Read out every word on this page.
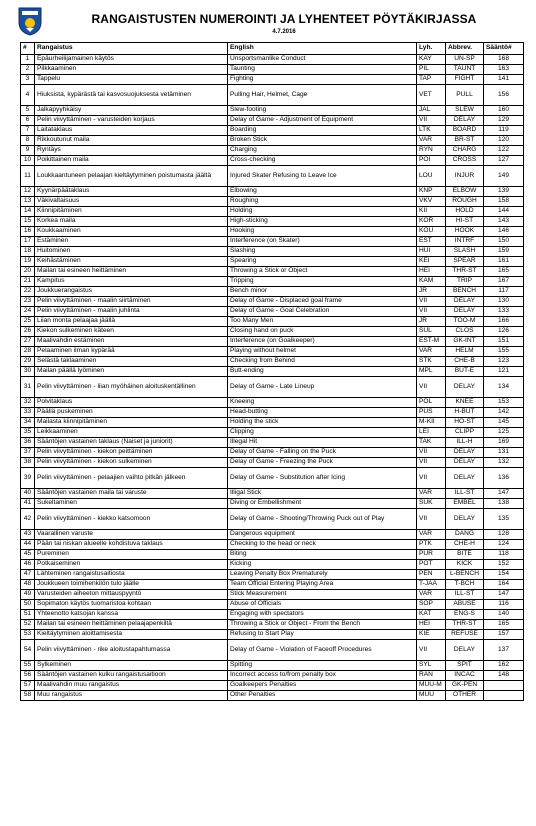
RANGAISTUSTEN NUMEROINTI JA LYHENTEET PÖYTÄKIRJASSA
4.7.2016
#	Rangaistus	English	Lyh.	Abbrev.	Sääntö#
1	Epäurheilijamainen käytös	Unsportsmanlike Conduct	KAY	UN-SP	168
2	Pilkkaaminen	Taunting	PIL	TAUNT	163
3	Tappelu	Fighting	TAP	FIGHT	141
4	Hiuksista, kypärästä tai kasvosuojuksesta vetäminen	Pulling Hair, Helmet, Cage	VET	PULL	156
5	Jalkapyyhkäisy	Slew-footing	JAL	SLEW	160
6	Pelin viivyttäminen - varusteiden korjaus	Delay of Game - Adjustment of Equipment	VII	DELAY	129
7	Laitataklaus	Boarding	LTK	BOARD	119
8	Rikkoutunut maila	Broken Stick	VAR	BR-ST	120
9	Ryntäys	Charging	RYN	CHARG	122
10	Poikittainen maila	Cross-checking	POI	CROSS	127
11	Loukkaantuneen pelaajan kieltäytyminen poistumasta jäältä	Injured Skater Refusing to Leave Ice	LOU	INJUR	149
12	Kyynärpäätaklaus	Elbowing	KNP	ELBOW	139
13	Väkivaltaisuus	Roughing	VKV	ROUGH	158
14	Kiinnipitäminen	Holding	KII	HOLD	144
15	Korkea maila	High-sticking	KOR	HI-ST	143
16	Koukkaaminen	Hooking	KOU	HOOK	146
17	Estäminen	Interference (on Skater)	EST	INTRF	150
18	Huitominen	Slashing	HUI	SLASH	159
19	Keihästäminen	Spearing	KEI	SPEAR	161
20	Mailan tai esineen heittäminen	Throwing a Stick or Object	HEI	THR-ST	165
21	Kampitus	Tripping	KAM	TRIP	167
22	Joukkuerangaistus	Bench minor	JR	BENCH	117
23	Pelin viivyttäminen - maalin siirtäminen	Delay of Game - Displaced goal frame	VII	DELAY	130
24	Pelin viivyttäminen - maalin juhlinta	Delay of Game - Goal Celebration	VII	DELAY	133
25	Liian monta pelaajaa jäällä	Too Many Men	JR	TOO-M	166
26	Kiekon sulkeminen käteen	Closing hand on puck	SUL	CLOS	126
27	Maalivahdin estäminen	Interference (on Goalkeeper)	EST-M	GK-INT	151
28	Pelaaminen ilman kypärää	Playing without helmet	VAR	HELM	155
29	Selästä taklaaminen	Checking from Behind	STK	CHE-B	123
30	Mailan päällä lyöminen	Butt-ending	MPL	BUT-E	121
31	Pelin viivyttäminen - liian myöhäinen aloituskentällinen	Delay of Game - Late Lineup	VII	DELAY	134
32	Polvitaklaus	Kneeing	POL	KNEE	153
33	Päällä puskeminen	Head-butting	PUS	H-BUT	142
34	Mailasta kiinnipitäminen	Holding the stick	M-KII	HO-ST	145
35	Leikkaaminen	Clipping	LEI	CLIPP	125
36	Sääntöjen vastainen taklaus (Naiset ja juniorit)	Illegal Hit	TAK	ILL-H	169
37	Pelin viivyttäminen - kiekon peittäminen	Delay of Game - Falling on the Puck	VII	DELAY	131
38	Pelin viivyttäminen - kiekon sulkeminen	Delay of Game - Freezing the Puck	VII	DELAY	132
39	Pelin viivyttäminen - pelaajien vaihto pitkän jälkeen	Delay of Game - Substitution after Icing	VII	DELAY	136
40	Sääntöjen vastainen maila tai varuste	Illigal Stick	VAR	ILL-ST	147
41	Sukeltaminen	Diving or Embellishment	SUK	EMBEL	138
42	Pelin viivyttäminen - kiekko katsomoon	Delay of Game - Shooting/Throwing Puck out of Play	VII	DELAY	135
43	Vaarallinen varuste	Dangerous equipment	VAR	DANG	128
44	Pään tai niskan alueelle kohdistuva taklaus	Checking to the head or neck	PTK	CHE-H	124
45	Pureminen	Biting	PUR	BITE	118
46	Potkaiseminen	Kicking	POT	KICK	152
47	Lähteminen rangaistusaitiosta	Leaving Penalty Box Prematurely	PEN	L-BENCH	154
48	Joukkueen toimihenkilön tulo jäälle	Team Official Entering Playing Area	T-JAA	T-BCH	164
49	Varusteiden aiheeton mittauspyyntö	Stick Measurement	VAR	ILL-ST	147
50	Sopimaton käytös tuomaristoa kohtaan	Abuse of Officials	SOP	ABUSE	116
51	Yhteenotto katsojan kanssa	Engaging with spectators	KAT	ENG-S	140
52	Mailan tai esineen heittäminen pelaajapenkiltä	Throwing a Stick or Object - From the Bench	HEI	THR-ST	165
53	Kieltäytyminen aloittamisesta	Refusing to Start Play	KIE	REFUSE	157
54	Pelin viivyttäminen - rike aloitustapahtumassa	Delay of Game - Violation of Faceoff Procedures	VII	DELAY	137
55	Sylkeminen	Spitting	SYL	SPIT	162
56	Sääntöjen vastainen kulku rangaistusaitioon	Incorrect access to/from penalty box	RAN	INCAC	148
57	Maalivahdin muu rangaistus	Goalkeepers Penalties	MUU-M	GK-PEN	
58	Muu rangaistus	Other Penalties	MUU	OTHER	
